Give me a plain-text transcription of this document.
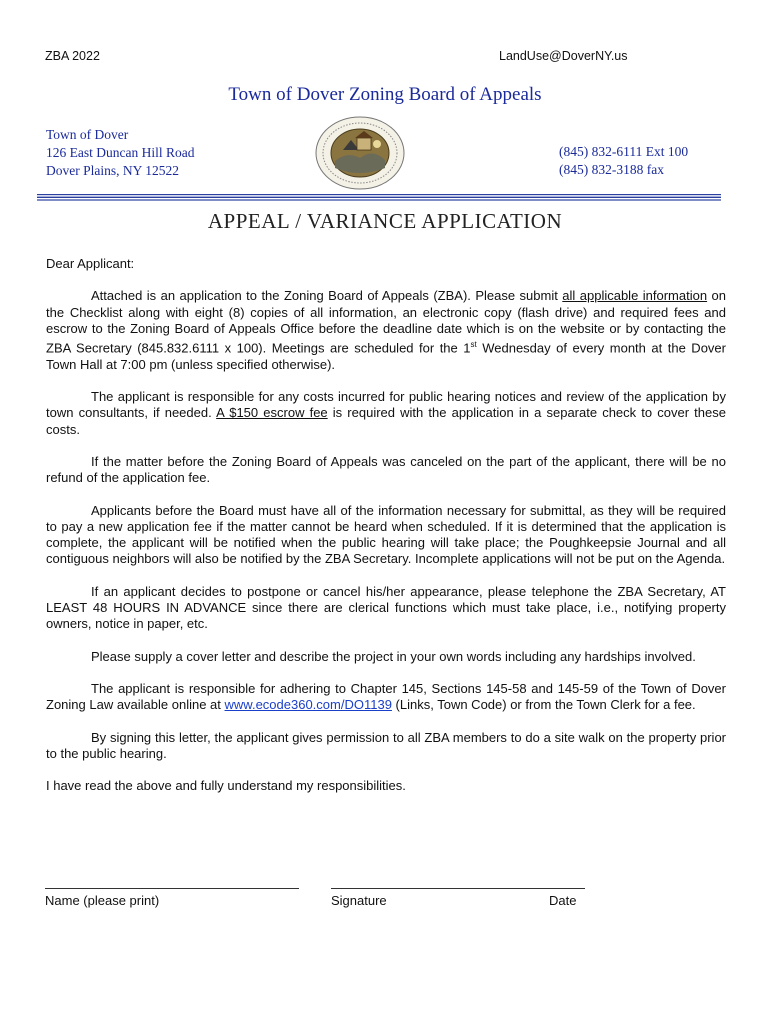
ZBA 2022	LandUse@DoverNY.us
Town of Dover Zoning Board of Appeals
Town of Dover
126 East Duncan Hill Road
Dover Plains, NY 12522
(845) 832-6111 Ext 100
(845) 832-3188 fax
APPEAL / VARIANCE APPLICATION

Dear Applicant:

Attached is an application to the Zoning Board of Appeals (ZBA). Please submit all applicable information on the Checklist along with eight (8) copies of all information, an electronic copy (flash drive) and required fees and escrow to the Zoning Board of Appeals Office before the deadline date which is on the website or by contacting the ZBA Secretary (845.832.6111 x 100). Meetings are scheduled for the 1st Wednesday of every month at the Dover Town Hall at 7:00 pm (unless specified otherwise).

The applicant is responsible for any costs incurred for public hearing notices and review of the application by town consultants, if needed. A $150 escrow fee is required with the application in a separate check to cover these costs.

If the matter before the Zoning Board of Appeals was canceled on the part of the applicant, there will be no refund of the application fee.

Applicants before the Board must have all of the information necessary for submittal, as they will be required to pay a new application fee if the matter cannot be heard when scheduled. If it is determined that the application is complete, the applicant will be notified when the public hearing will take place; the Poughkeepsie Journal and all contiguous neighbors will also be notified by the ZBA Secretary. Incomplete applications will not be put on the Agenda.

If an applicant decides to postpone or cancel his/her appearance, please telephone the ZBA Secretary, AT LEAST 48 HOURS IN ADVANCE since there are clerical functions which must take place, i.e., notifying property owners, notice in paper, etc.

Please supply a cover letter and describe the project in your own words including any hardships involved.

The applicant is responsible for adhering to Chapter 145, Sections 145-58 and 145-59 of the Town of Dover Zoning Law available online at www.ecode360.com/DO1139 (Links, Town Code) or from the Town Clerk for a fee.

By signing this letter, the applicant gives permission to all ZBA members to do a site walk on the property prior to the public hearing.

I have read the above and fully understand my responsibilities.

Name (please print)	Signature	Date
